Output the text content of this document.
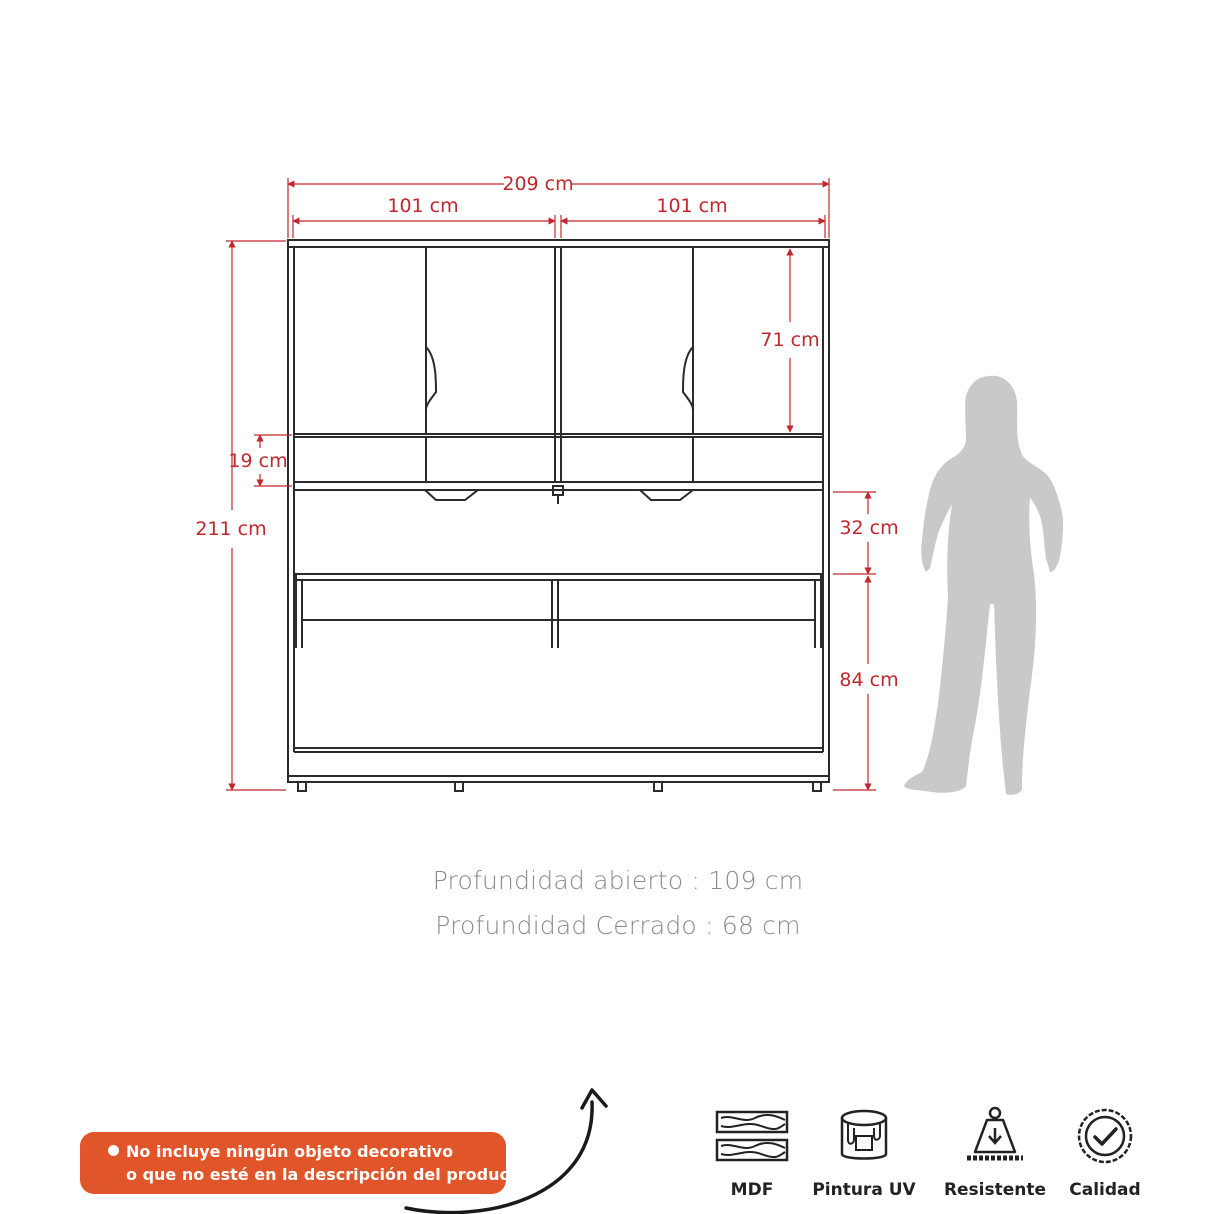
209 cm
101 cm	101 cm
211 cm
71 cm
19 cm
32 cm
84 cm
Profundidad abierto : 109 cm
Profundidad Cerrado : 68 cm
No incluye ningún objeto decorativo
o que no esté en la descripción del producto.
MDF	Pintura UV	Resistente	Calidad
